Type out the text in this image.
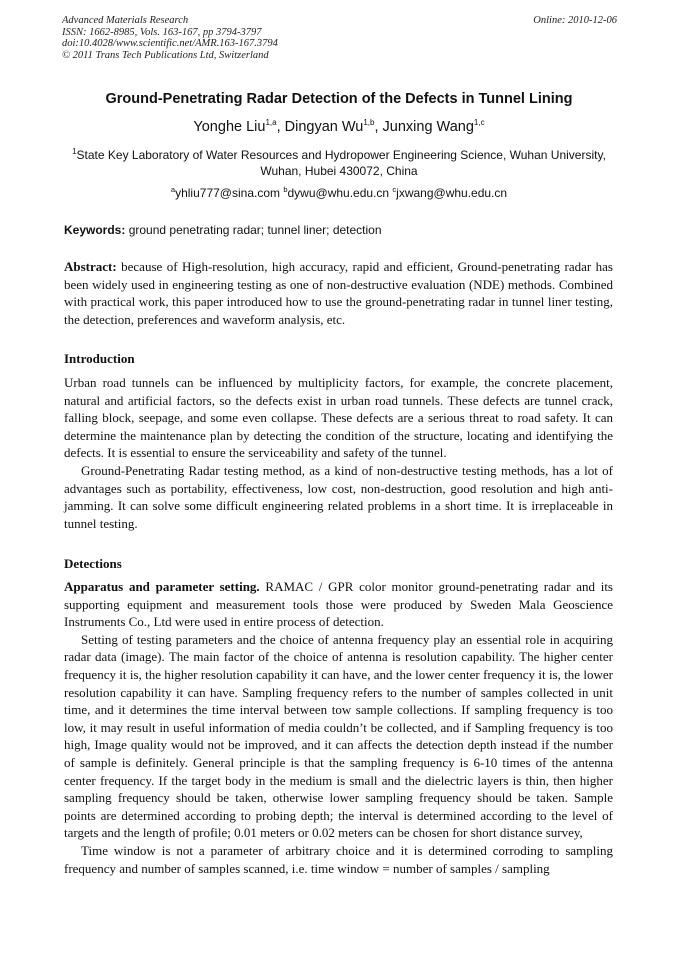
Advanced Materials Research
ISSN: 1662-8985, Vols. 163-167, pp 3794-3797
doi:10.4028/www.scientific.net/AMR.163-167.3794
© 2011 Trans Tech Publications Ltd, Switzerland
Online: 2010-12-06
Ground-Penetrating Radar Detection of the Defects in Tunnel Lining
Yonghe Liu$^{1,a}$, Dingyan Wu$^{1,b}$, Junxing Wang$^{1,c}$
$^1$State Key Laboratory of Water Resources and Hydropower Engineering Science, Wuhan University, Wuhan, Hubei 430072, China
$^a$yhliu777@sina.com $^b$dywu@whu.edu.cn $^c$jxwang@whu.edu.cn
Keywords: ground penetrating radar; tunnel liner; detection

Abstract: because of High-resolution, high accuracy, rapid and efficient, Ground-penetrating radar has been widely used in engineering testing as one of non-destructive evaluation (NDE) methods. Combined with practical work, this paper introduced how to use the ground-penetrating radar in tunnel liner testing, the detection, preferences and waveform analysis, etc.

Introduction

Urban road tunnels can be influenced by multiplicity factors, for example, the concrete placement, natural and artificial factors, so the defects exist in urban road tunnels. These defects are tunnel crack, falling block, seepage, and some even collapse. These defects are a serious threat to road safety. It can determine the maintenance plan by detecting the condition of the structure, locating and identifying the defects. It is essential to ensure the serviceability and safety of the tunnel.

Ground-Penetrating Radar testing method, as a kind of non-destructive testing methods, has a lot of advantages such as portability, effectiveness, low cost, non-destruction, good resolution and high anti-jamming. It can solve some difficult engineering related problems in a short time. It is irreplaceable in tunnel testing.

Detections

Apparatus and parameter setting. RAMAC / GPR color monitor ground-penetrating radar and its supporting equipment and measurement tools those were produced by Sweden Mala Geoscience Instruments Co., Ltd were used in entire process of detection.

Setting of testing parameters and the choice of antenna frequency play an essential role in acquiring radar data (image). The main factor of the choice of antenna is resolution capability. The higher center frequency it is, the higher resolution capability it can have, and the lower center frequency it is, the lower resolution capability it can have. Sampling frequency refers to the number of samples collected in unit time, and it determines the time interval between tow sample collections. If sampling frequency is too low, it may result in useful information of media couldn’t be collected, and if Sampling frequency is too high, Image quality would not be improved, and it can affects the detection depth instead if the number of sample is definitely. General principle is that the sampling frequency is 6-10 times of the antenna center frequency. If the target body in the medium is small and the dielectric layers is thin, then higher sampling frequency should be taken, otherwise lower sampling frequency should be taken. Sample points are determined according to probing depth; the interval is determined according to the level of targets and the length of profile; 0.01 meters or 0.02 meters can be chosen for short distance survey,

Time window is not a parameter of arbitrary choice and it is determined corroding to sampling frequency and number of samples scanned, i.e. time window = number of samples / sampling
